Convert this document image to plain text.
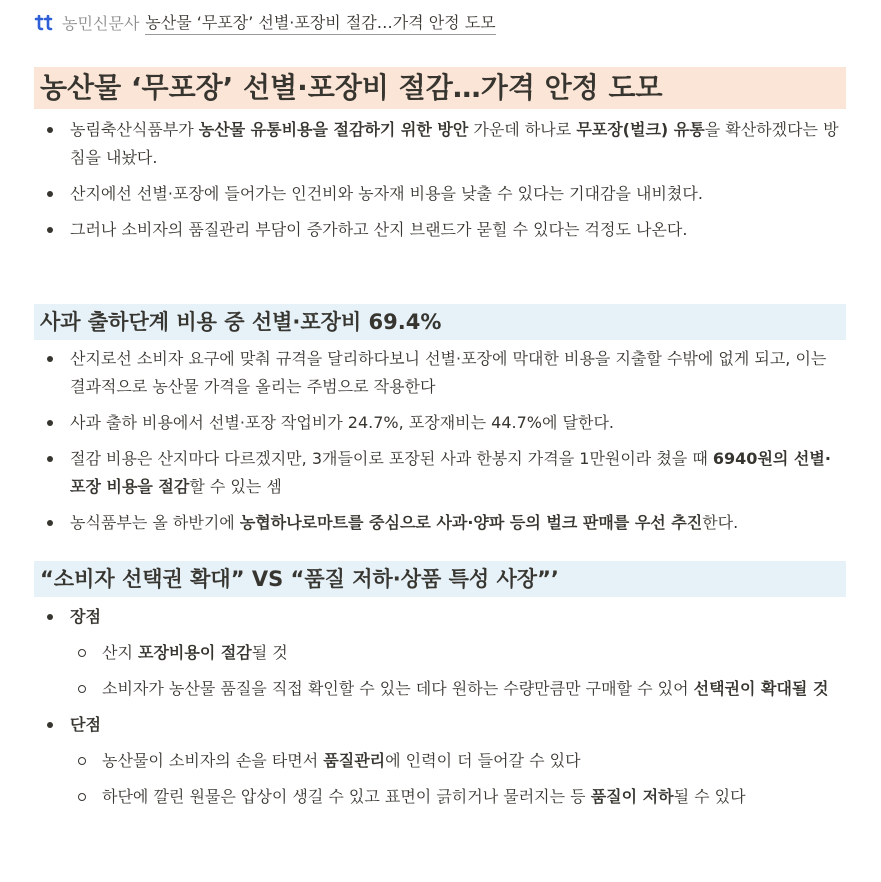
농민신문사 농산물 ‘무포장’ 선별·포장비 절감…가격 안정 도모
농산물 ‘무포장’ 선별·포장비 절감…가격 안정 도모
농림축산식품부가 농산물 유통비용을 절감하기 위한 방안 가운데 하나로 무포장(벌크) 유통을 확산하겠다는 방침을 내놨다.
산지에선 선별·포장에 들어가는 인건비와 농자재 비용을 낮출 수 있다는 기대감을 내비쳤다.
그러나 소비자의 품질관리 부담이 증가하고 산지 브랜드가 묻힐 수 있다는 걱정도 나온다.
사과 출하단계 비용 중 선별·포장비 69.4%
산지로선 소비자 요구에 맞춰 규격을 달리하다보니 선별·포장에 막대한 비용을 지출할 수밖에 없게 되고, 이는 결과적으로 농산물 가격을 올리는 주범으로 작용한다
사과 출하 비용에서 선별·포장 작업비가 24.7%, 포장재비는 44.7%에 달한다.
절감 비용은 산지마다 다르겠지만, 3개들이로 포장된 사과 한봉지 가격을 1만원이라 쳤을 때 6940원의 선별·포장 비용을 절감할 수 있는 셈
농식품부는 올 하반기에 농협하나로마트를 중심으로 사과·양파 등의 벌크 판매를 우선 추진한다.
“소비자 선택권 확대” VS “품질 저하·상품 특성 사장”’
장점
산지 포장비용이 절감될 것
소비자가 농산물 품질을 직접 확인할 수 있는 데다 원하는 수량만큼만 구매할 수 있어 선택권이 확대될 것
단점
농산물이 소비자의 손을 타면서 품질관리에 인력이 더 들어갈 수 있다
하단에 깔린 원물은 압상이 생길 수 있고 표면이 긁히거나 물러지는 등 품질이 저하될 수 있다
